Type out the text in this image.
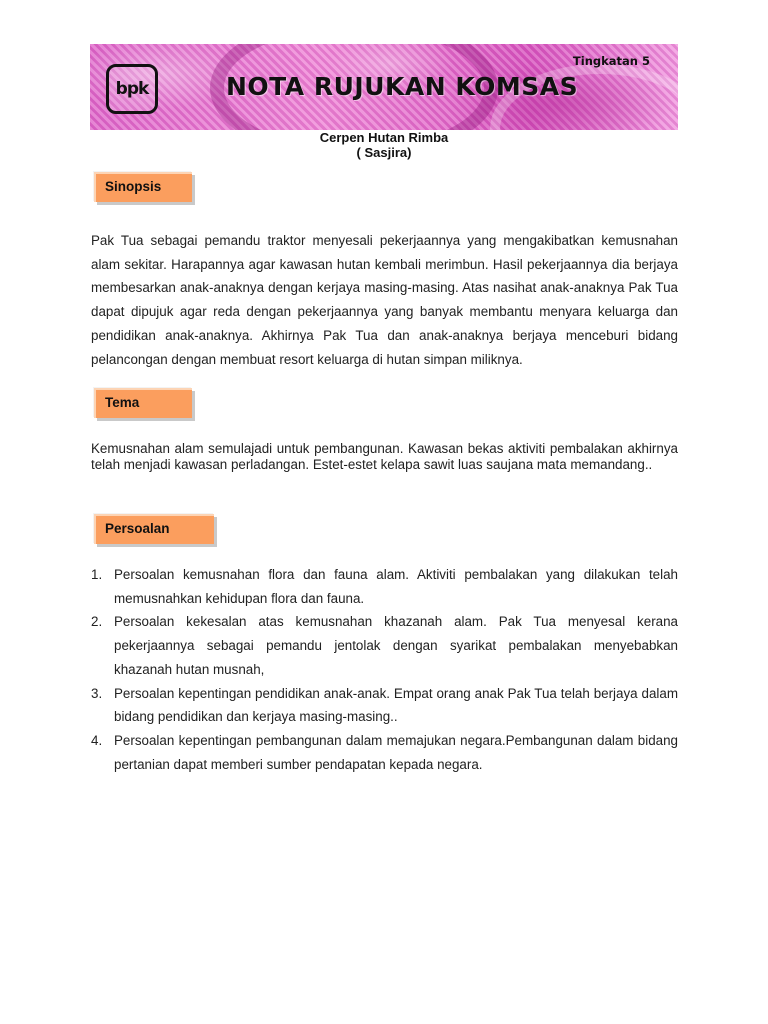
bpk	NOTA RUJUKAN KOMSAS
Tingkatan 5
Cerpen Hutan Rimba
( Sasjira)
Sinopsis
Pak Tua sebagai pemandu traktor menyesali pekerjaannya yang mengakibatkan kemusnahan alam sekitar. Harapannya agar kawasan hutan kembali merimbun. Hasil pekerjaannya dia berjaya membesarkan anak-anaknya dengan kerjaya masing-masing. Atas nasihat anak-anaknya Pak Tua dapat dipujuk agar reda dengan pekerjaannya yang banyak membantu menyara keluarga dan pendidikan anak-anaknya. Akhirnya Pak Tua dan anak-anaknya berjaya menceburi bidang pelancongan dengan membuat resort keluarga di hutan simpan miliknya.
Tema
Kemusnahan alam semulajadi untuk pembangunan. Kawasan bekas aktiviti pembalakan akhirnya telah menjadi kawasan perladangan. Estet-estet kelapa sawit luas saujana mata memandang..
Persoalan
1. Persoalan kemusnahan flora dan fauna alam. Aktiviti pembalakan yang dilakukan telah memusnahkan kehidupan flora dan fauna.
2. Persoalan kekesalan atas kemusnahan khazanah alam. Pak Tua menyesal kerana pekerjaannya sebagai pemandu jentolak dengan syarikat pembalakan menyebabkan khazanah hutan musnah,
3. Persoalan kepentingan pendidikan anak-anak. Empat orang anak Pak Tua telah berjaya dalam bidang pendidikan dan kerjaya masing-masing..
4. Persoalan kepentingan pembangunan dalam memajukan negara.Pembangunan dalam bidang pertanian dapat memberi sumber pendapatan kepada negara.
